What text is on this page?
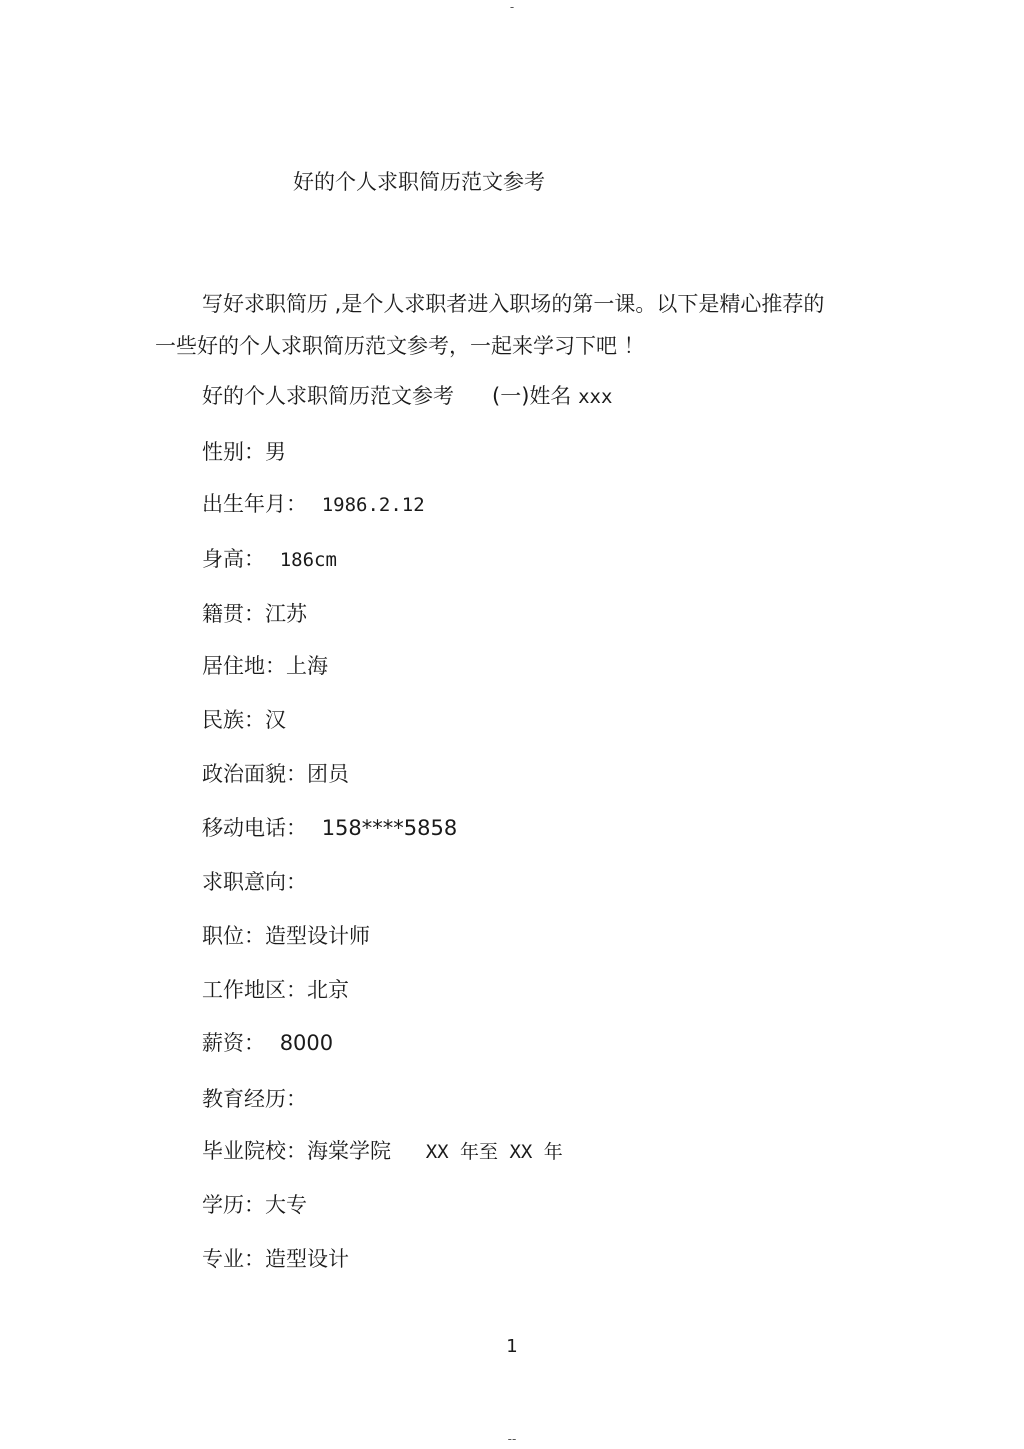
-
好的个人求职简历范文参考

写好求职简历 ,是个人求职者进入职场的第一课。以下是精心推荐的一些好的个人求职简历范文参考，一起来学习下吧 ！

好的个人求职简历范文参考 (一)姓名 xxx
性别：男
出生年月： 1986.2.12
身高： 186cm
籍贯：江苏
居住地：上海
民族：汉
政治面貌：团员
移动电话： 158****5858
求职意向：
职位：造型设计师
工作地区：北京
薪资： 8000
教育经历：
毕业院校：海棠学院 XX 年至 XX 年
学历：大专
专业：造型设计
1
--
